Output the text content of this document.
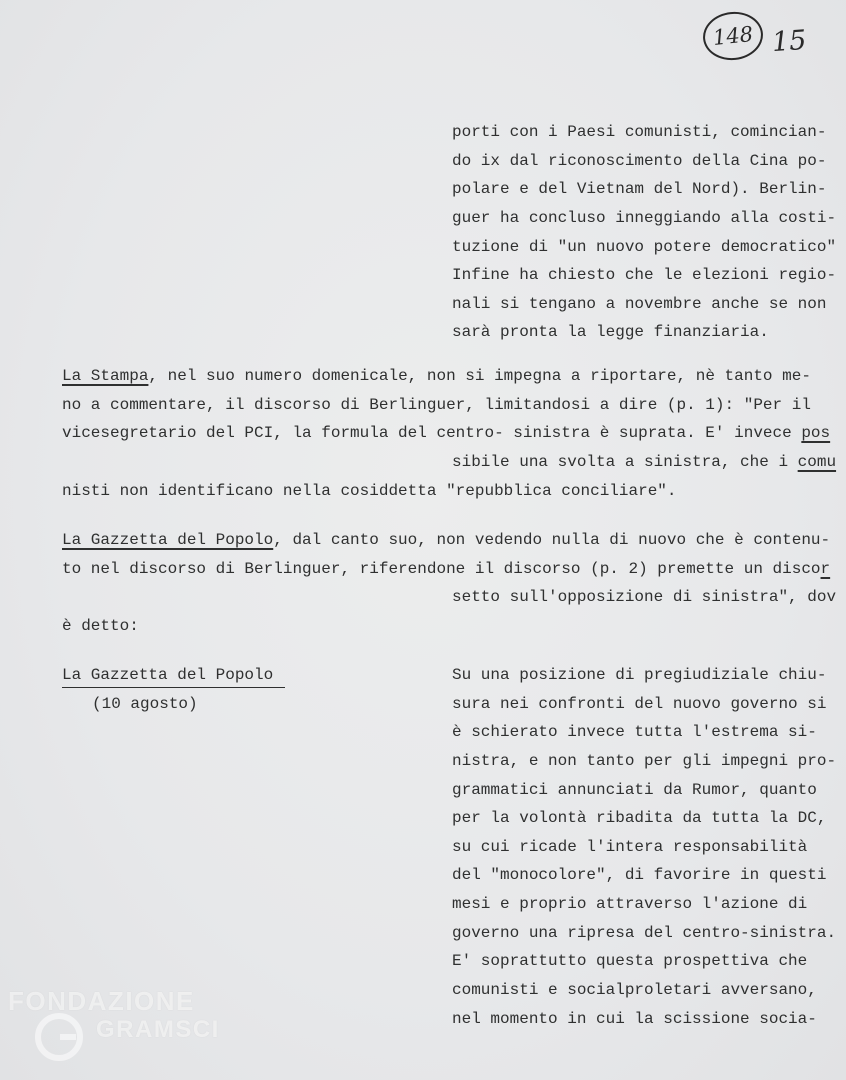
148 15
porti con i Paesi comunisti, comincian-
do ix dal riconoscimento della Cina po-
polare e del Vietnam del Nord). Berlin-
guer ha concluso inneggiando alla costi-
tuzione di "un nuovo potere democratico"
Infine ha chiesto che le elezioni regio-
nali si tengano a novembre anche se non
sarà pronta la legge finanziaria.
La Stampa, nel suo numero domenicale, non si impegna a riportare, nè tanto me-
no a commentare, il discorso di Berlinguer, limitandosi a dire (p. 1): "Per il
vicesegretario del PCI, la formula del centro- sinistra è suprata. E' invece pos
sibile una svolta a sinistra, che i comu
nisti non identificano nella cosiddetta "repubblica conciliare".
La Gazzetta del Popolo, dal canto suo, non vedendo nulla di nuovo che è contenu-
to nel discorso di Berlinguer, riferendone il discorso (p. 2) premette un discor
setto sull'opposizione di sinistra", dov
è detto:
La Gazzetta del Popolo
(10 agosto)
Su una posizione di pregiudiziale chiu-
sura nei confronti del nuovo governo si
è schierato invece tutta l'estrema si-
nistra, e non tanto per gli impegni pro-
grammatici annunciati da Rumor, quanto
per la volontà ribadita da tutta la DC,
su cui ricade l'intera responsabilità
del "monocolore", di favorire in questi
mesi e proprio attraverso l'azione di
governo una ripresa del centro-sinistra.
E' soprattutto questa prospettiva che
comunisti e socialproletari avversano,
nel momento in cui la scissione socia-
FONDAZIONE
GRAMSCI
